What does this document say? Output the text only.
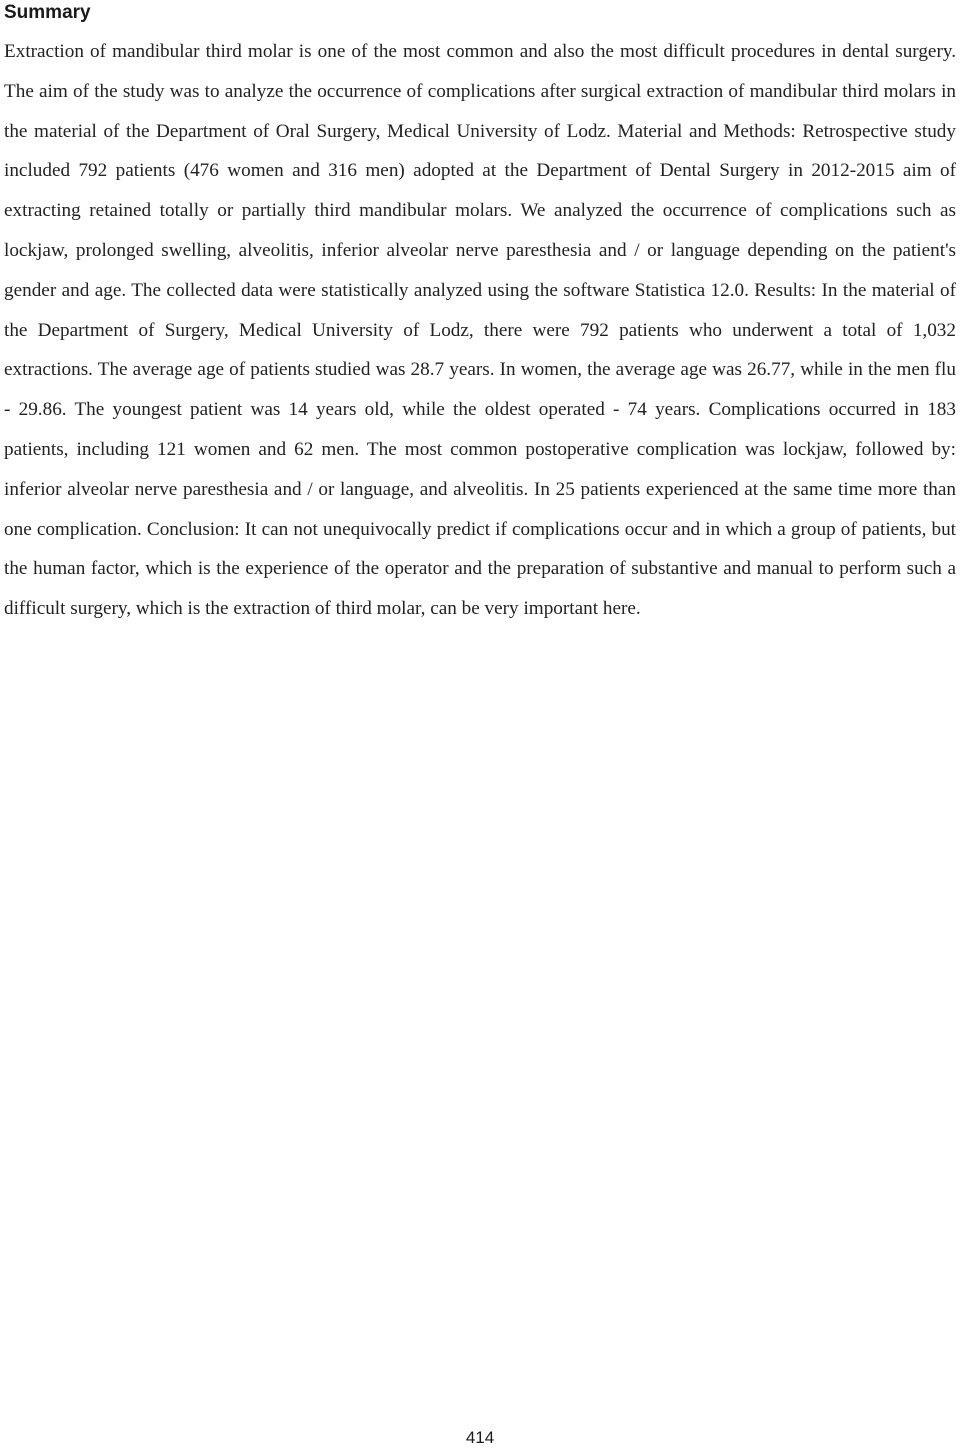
Summary

Extraction of mandibular third molar is one of the most common and also the most difficult procedures in dental surgery. The aim of the study was to analyze the occurrence of complications after surgical extraction of mandibular third molars in the material of the Department of Oral Surgery, Medical University of Lodz. Material and Methods: Retrospective study included 792 patients (476 women and 316 men) adopted at the Department of Dental Surgery in 2012-2015 aim of extracting retained totally or partially third mandibular molars. We analyzed the occurrence of complications such as lockjaw, prolonged swelling, alveolitis, inferior alveolar nerve paresthesia and / or language depending on the patient's gender and age. The collected data were statistically analyzed using the software Statistica 12.0. Results: In the material of the Department of Surgery, Medical University of Lodz, there were 792 patients who underwent a total of 1,032 extractions. The average age of patients studied was 28.7 years. In women, the average age was 26.77, while in the men flu - 29.86. The youngest patient was 14 years old, while the oldest operated - 74 years. Complications occurred in 183 patients, including 121 women and 62 men. The most common postoperative complication was lockjaw, followed by: inferior alveolar nerve paresthesia and / or language, and alveolitis. In 25 patients experienced at the same time more than one complication. Conclusion: It can not unequivocally predict if complications occur and in which a group of patients, but the human factor, which is the experience of the operator and the preparation of substantive and manual to perform such a difficult surgery, which is the extraction of third molar, can be very important here.

414
